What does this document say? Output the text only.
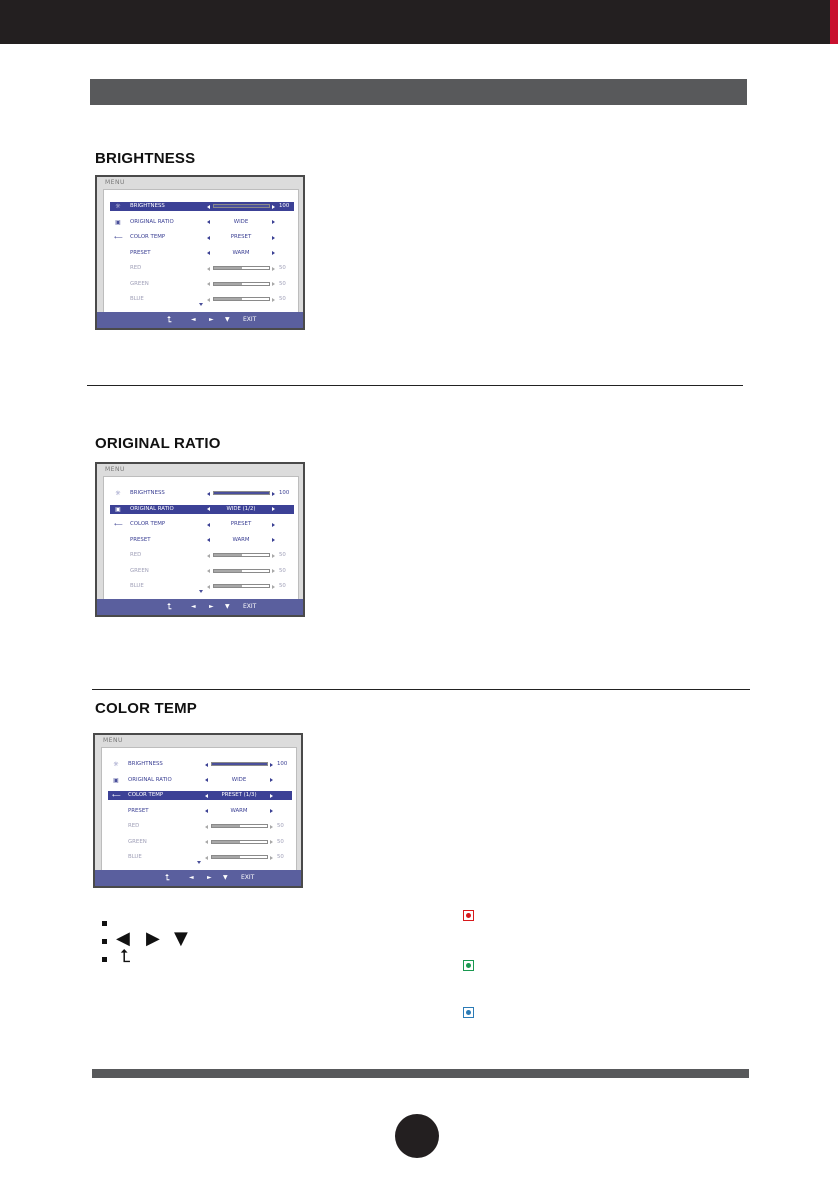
BRIGHTNESS
MENU
☼ BRIGHTNESS	100
▣ ORIGINAL RATIO	WIDE
⟵ COLOR TEMP	PRESET
PRESET	WARM
RED	50
GREEN	50
BLUE	50
⮤	◄ ► ▼ EXIT
ORIGINAL RATIO
MENU
☼ BRIGHTNESS	100
▣ ORIGINAL RATIO	WIDE (1/2)
⟵ COLOR TEMP	PRESET
PRESET	WARM
RED	50
GREEN	50
BLUE	50
⮤	◄ ► ▼ EXIT
COLOR TEMP
MENU
☼ BRIGHTNESS	100
▣ ORIGINAL RATIO	WIDE
⟵ COLOR TEMP	PRESET (1/3)
PRESET	WARM
RED	50
GREEN	50
BLUE	50
⮤	◄ ► ▼ EXIT
◀ ▶ ▼
⮤
